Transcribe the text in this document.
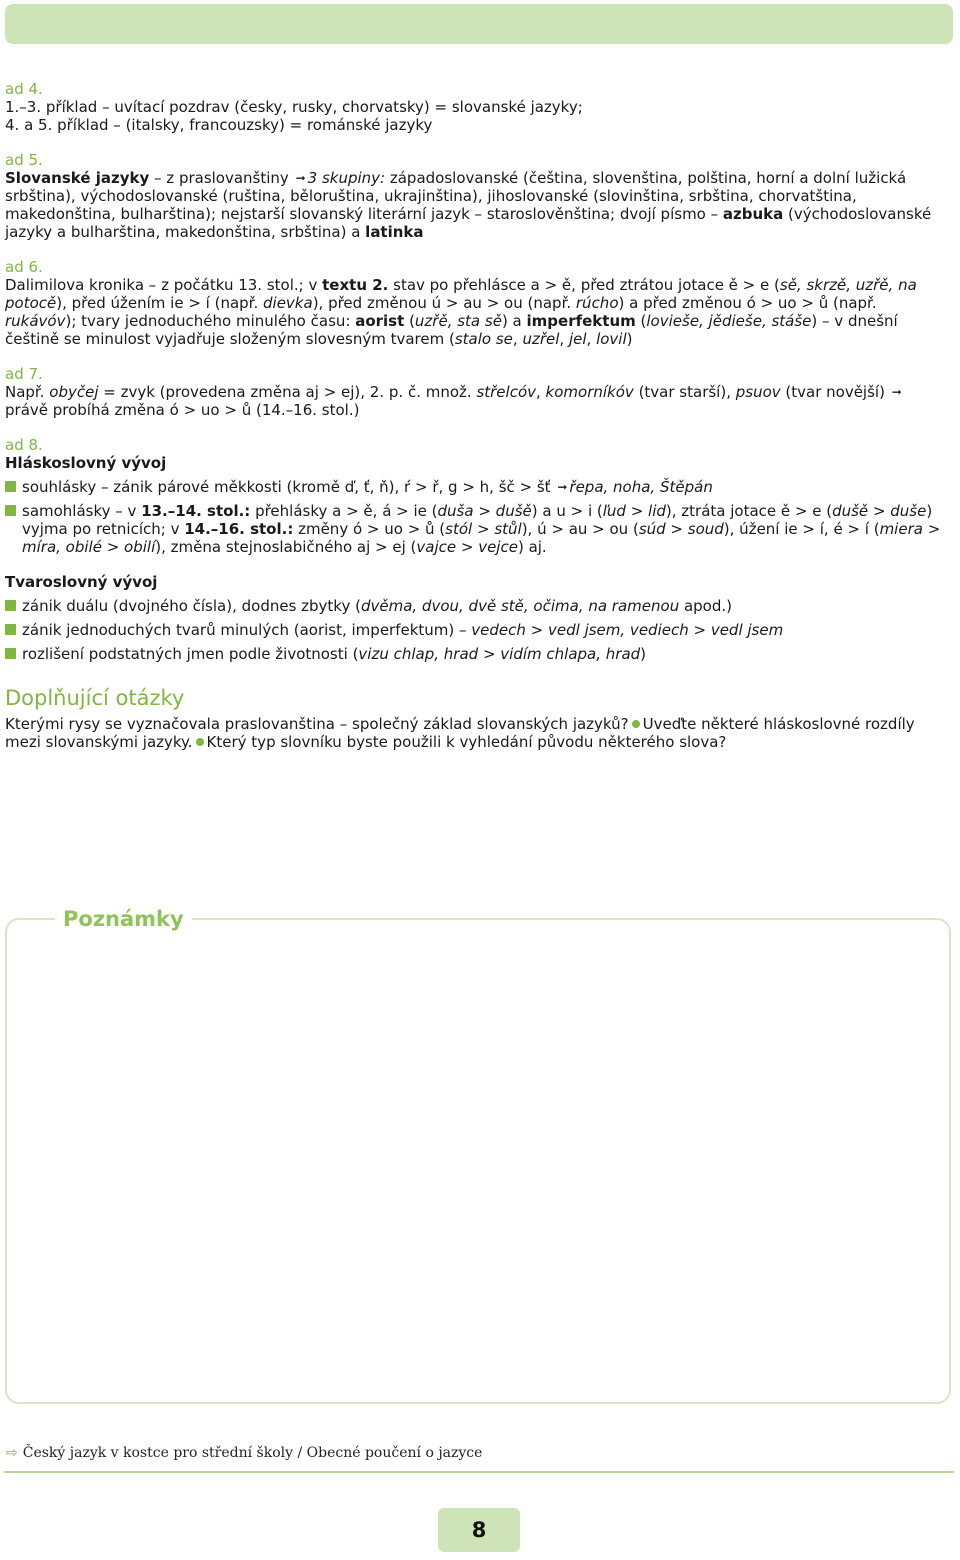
ad 4.

1.–3. příklad – uvítací pozdrav (česky, rusky, chorvatsky) = slovanské jazyky;

4. a 5. příklad – (italsky, francouzsky) = románské jazyky

ad 5.

Slovanské jazyky – z praslovanštiny ➞ 3 skupiny: západoslovanské (čeština, slovenština, polština, horní a dolní lužická srbština), východoslovanské (ruština, běloruština, ukrajinština), jihoslovanské (slovinština, srbština, chorvatština, makedonština, bulharština); nejstarší slovanský literární jazyk – staroslověnština; dvojí písmo – azbuka (východoslovanské jazyky a bulharština, makedonština, srbština) a latinka

ad 6.

Dalimilova kronika – z počátku 13. stol.; v textu 2. stav po přehlásce a > ě, před ztrátou jotace ě > e (sě, skrzě, uzřě, na potocě), před úžením ie > í (např. dievka), před změnou ú > au > ou (např. rúcho) a před změnou ó > uo > ů (např. rukávóv); tvary jednoduchého minulého času: aorist (uzřě, sta sě) a imperfektum (lovieše, jědieše, stáše) – v dnešní češtině se minulost vyjadřuje složeným slovesným tvarem (stalo se, uzřel, jel, lovil)

ad 7.

Např. obyčej = zvyk (provedena změna aj > ej), 2. p. č. množ. střelcóv, komorníkóv (tvar starší), psuov (tvar novější) ➞ právě probíhá změna ó > uo > ů (14.–16. stol.)

ad 8.

Hláskoslovný vývoj

souhlásky – zánik párové měkkosti (kromě ď, ť, ň), ŕ > ř, g > h, šč > šť ➞ řepa, noha, Štěpán

samohlásky – v 13.–14. stol.: přehlásky a > ě, á > ie (duša > dušě) a u > i (ľud > lid), ztráta jotace ě > e (dušě > duše) vyjma po retnicích; v 14.–16. stol.: změny ó > uo > ů (stól > stůl), ú > au > ou (súd > soud), úžení ie > í, é > í (miera > míra, obilé > obilí), změna stejnoslabičného aj > ej (vajce > vejce) aj.

Tvaroslovný vývoj

zánik duálu (dvojného čísla), dodnes zbytky (dvěma, dvou, dvě stě, očima, na ramenou apod.)

zánik jednoduchých tvarů minulých (aorist, imperfektum) – vedech > vedl jsem, vediech > vedl jsem

rozlišení podstatných jmen podle životnosti (vizu chlap, hrad > vidím chlapa, hrad)

Doplňující otázky

Kterými rysy se vyznačovala praslovanština – společný základ slovanských jazyků? Uveďte některé hláskoslovné rozdíly mezi slovanskými jazyky. Který typ slovníku byste použili k vyhledání původu některého slova?

Poznámky
⇨ Český jazyk v kostce pro střední školy / Obecné poučení o jazyce
8
